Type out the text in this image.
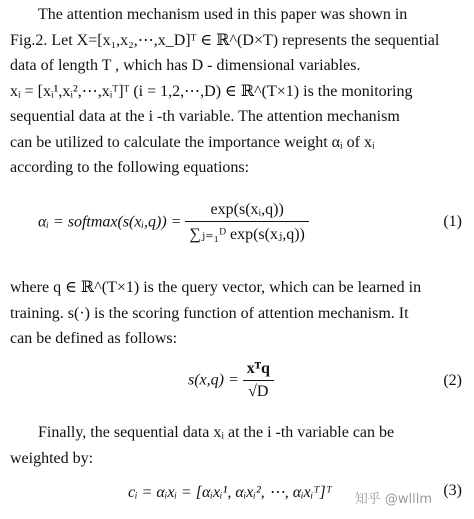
The attention mechanism used in this paper was shown in
Fig.2. Let X=[x₁,x₂,⋯,x_D]ᵀ ∈ ℝ^(D×T) represents the sequential
data of length T , which has D - dimensional variables.
xᵢ = [xᵢ¹,xᵢ²,⋯,xᵢᵀ]ᵀ (i = 1,2,⋯,D) ∈ ℝ^(T×1) is the monitoring
sequential data at the i -th variable. The attention mechanism
can be utilized to calculate the importance weight αᵢ of xᵢ
according to the following equations:
αᵢ = softmax(s(xᵢ,q)) = $\frac{\text{exp(s(xᵢ,q))}}{\text{∑ⱼ₌₁ᴰ exp(s(xⱼ,q))}}$	(1)
where q ∈ ℝ^(T×1) is the query vector, which can be learned in
training. s(·) is the scoring function of attention mechanism. It
can be defined as follows:
$s(x,q) = \frac{\text{xᵀq}}{√D}$	(2)
Finally, the sequential data xᵢ at the i -th variable can be
weighted by:
cᵢ = αᵢxᵢ = [αᵢxᵢ¹, αᵢxᵢ², ⋯, αᵢxᵢᵀ]ᵀ	(3)
知乎 @wlllm
